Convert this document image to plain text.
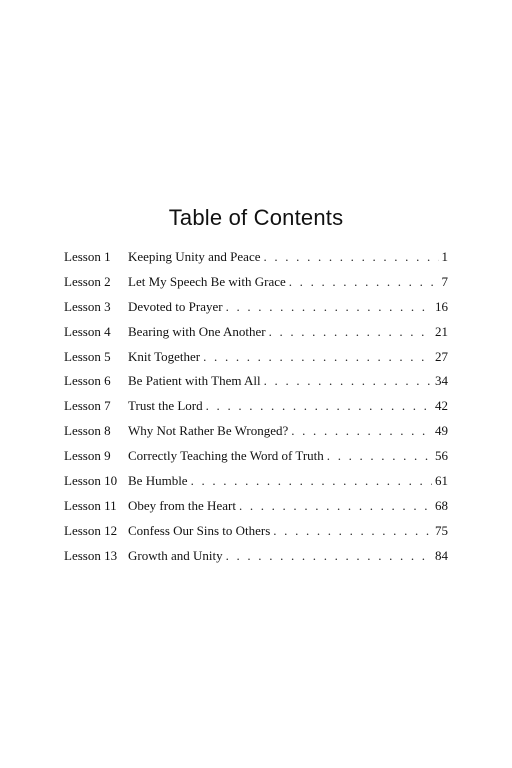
Table of Contents
Lesson 1	Keeping Unity and Peace . . .	1
Lesson 2	Let My Speech Be with Grace . . .	7
Lesson 3	Devoted to Prayer . . .	16
Lesson 4	Bearing with One Another . . .	21
Lesson 5	Knit Together . . .	27
Lesson 6	Be Patient with Them All . . .	34
Lesson 7	Trust the Lord . . .	42
Lesson 8	Why Not Rather Be Wronged? . . .	49
Lesson 9	Correctly Teaching the Word of Truth . . .	56
Lesson 10 Be Humble . . .	61
Lesson 11 Obey from the Heart . . .	68
Lesson 12 Confess Our Sins to Others . . .	75
Lesson 13 Growth and Unity . . .	84
